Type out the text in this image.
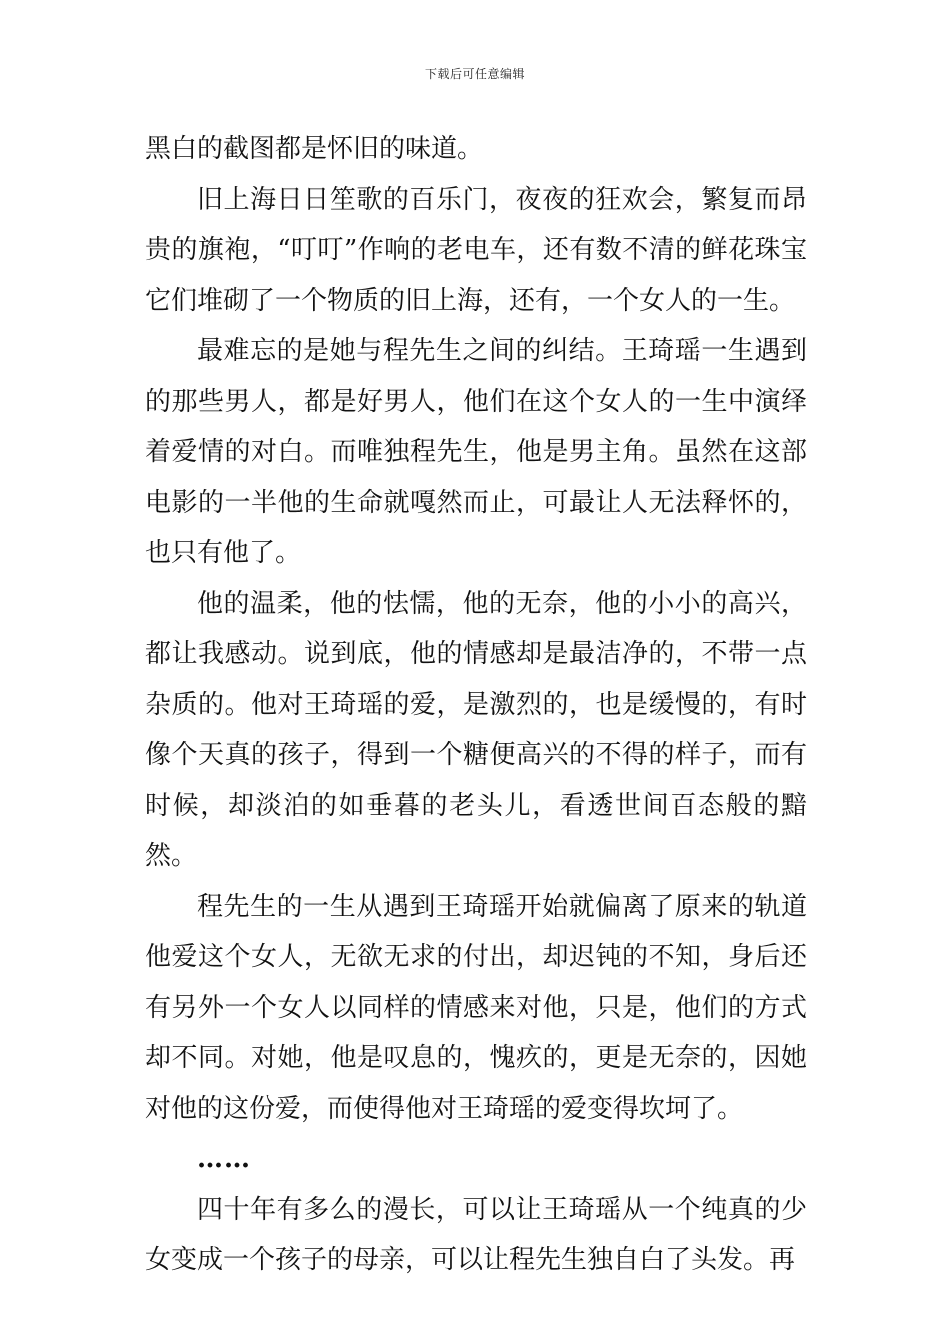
下载后可任意编辑

黑白的截图都是怀旧的味道。

旧上海日日笙歌的百乐门，夜夜的狂欢会，繁复而昂贵的旗袍，“叮叮”作响的老电车，还有数不清的鲜花珠宝它们堆砌了一个物质的旧上海，还有，一个女人的一生。

最难忘的是她与程先生之间的纠结。王琦瑶一生遇到的那些男人，都是好男人，他们在这个女人的一生中演绎着爱情的对白。而唯独程先生，他是男主角。虽然在这部电影的一半他的生命就嘎然而止，可最让人无法释怀的，也只有他了。

他的温柔，他的怯懦，他的无奈，他的小小的高兴，都让我感动。说到底，他的情感却是最洁净的，不带一点杂质的。他对王琦瑶的爱，是激烈的，也是缓慢的，有时像个天真的孩子，得到一个糖便高兴的不得的样子，而有时候，却淡泊的如垂暮的老头儿，看透世间百态般的黯然。

程先生的一生从遇到王琦瑶开始就偏离了原来的轨道他爱这个女人，无欲无求的付出，却迟钝的不知，身后还有另外一个女人以同样的情感来对他，只是，他们的方式却不同。对她，他是叹息的，愧疚的，更是无奈的，因她对他的这份爱，而使得他对王琦瑶的爱变得坎坷了。

……

四十年有多么的漫长，可以让王琦瑶从一个纯真的少女变成一个孩子的母亲，可以让程先生独自白了头发。再
